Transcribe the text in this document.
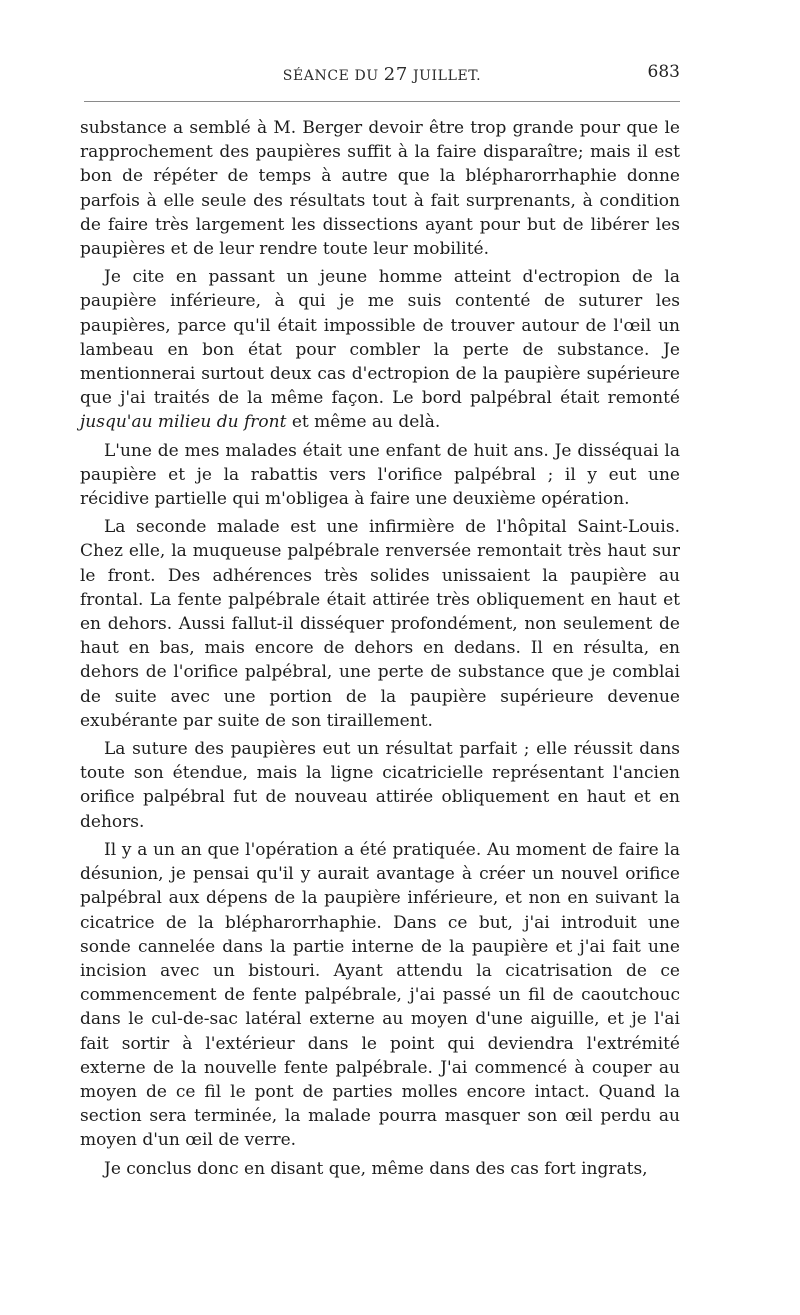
SÉANCE DU 27 JUILLET.	683

substance a semblé à M. Berger devoir être trop grande pour que le rapprochement des paupières suffit à la faire disparaître; mais il est bon de répéter de temps à autre que la blépharorrhaphie donne parfois à elle seule des résultats tout à fait surprenants, à condition de faire très largement les dissections ayant pour but de libérer les paupières et de leur rendre toute leur mobilité.

Je cite en passant un jeune homme atteint d'ectropion de la paupière inférieure, à qui je me suis contenté de suturer les paupières, parce qu'il était impossible de trouver autour de l'œil un lambeau en bon état pour combler la perte de substance. Je mentionnerai surtout deux cas d'ectropion de la paupière supérieure que j'ai traités de la même façon. Le bord palpébral était remonté jusqu'au milieu du front et même au delà.

L'une de mes malades était une enfant de huit ans. Je disséquai la paupière et je la rabattis vers l'orifice palpébral ; il y eut une récidive partielle qui m'obligea à faire une deuxième opération.

La seconde malade est une infirmière de l'hôpital Saint-Louis. Chez elle, la muqueuse palpébrale renversée remontait très haut sur le front. Des adhérences très solides unissaient la paupière au frontal. La fente palpébrale était attirée très obliquement en haut et en dehors. Aussi fallut-il disséquer profondément, non seulement de haut en bas, mais encore de dehors en dedans. Il en résulta, en dehors de l'orifice palpébral, une perte de substance que je comblai de suite avec une portion de la paupière supérieure devenue exubérante par suite de son tiraillement.

La suture des paupières eut un résultat parfait ; elle réussit dans toute son étendue, mais la ligne cicatricielle représentant l'ancien orifice palpébral fut de nouveau attirée obliquement en haut et en dehors.

Il y a un an que l'opération a été pratiquée. Au moment de faire la désunion, je pensai qu'il y aurait avantage à créer un nouvel orifice palpébral aux dépens de la paupière inférieure, et non en suivant la cicatrice de la blépharorrhaphie. Dans ce but, j'ai introduit une sonde cannelée dans la partie interne de la paupière et j'ai fait une incision avec un bistouri. Ayant attendu la cicatrisation de ce commencement de fente palpébrale, j'ai passé un fil de caoutchouc dans le cul-de-sac latéral externe au moyen d'une aiguille, et je l'ai fait sortir à l'extérieur dans le point qui deviendra l'extrémité externe de la nouvelle fente palpébrale. J'ai commencé à couper au moyen de ce fil le pont de parties molles encore intact. Quand la section sera terminée, la malade pourra masquer son œil perdu au moyen d'un œil de verre.

Je conclus donc en disant que, même dans des cas fort ingrats,
